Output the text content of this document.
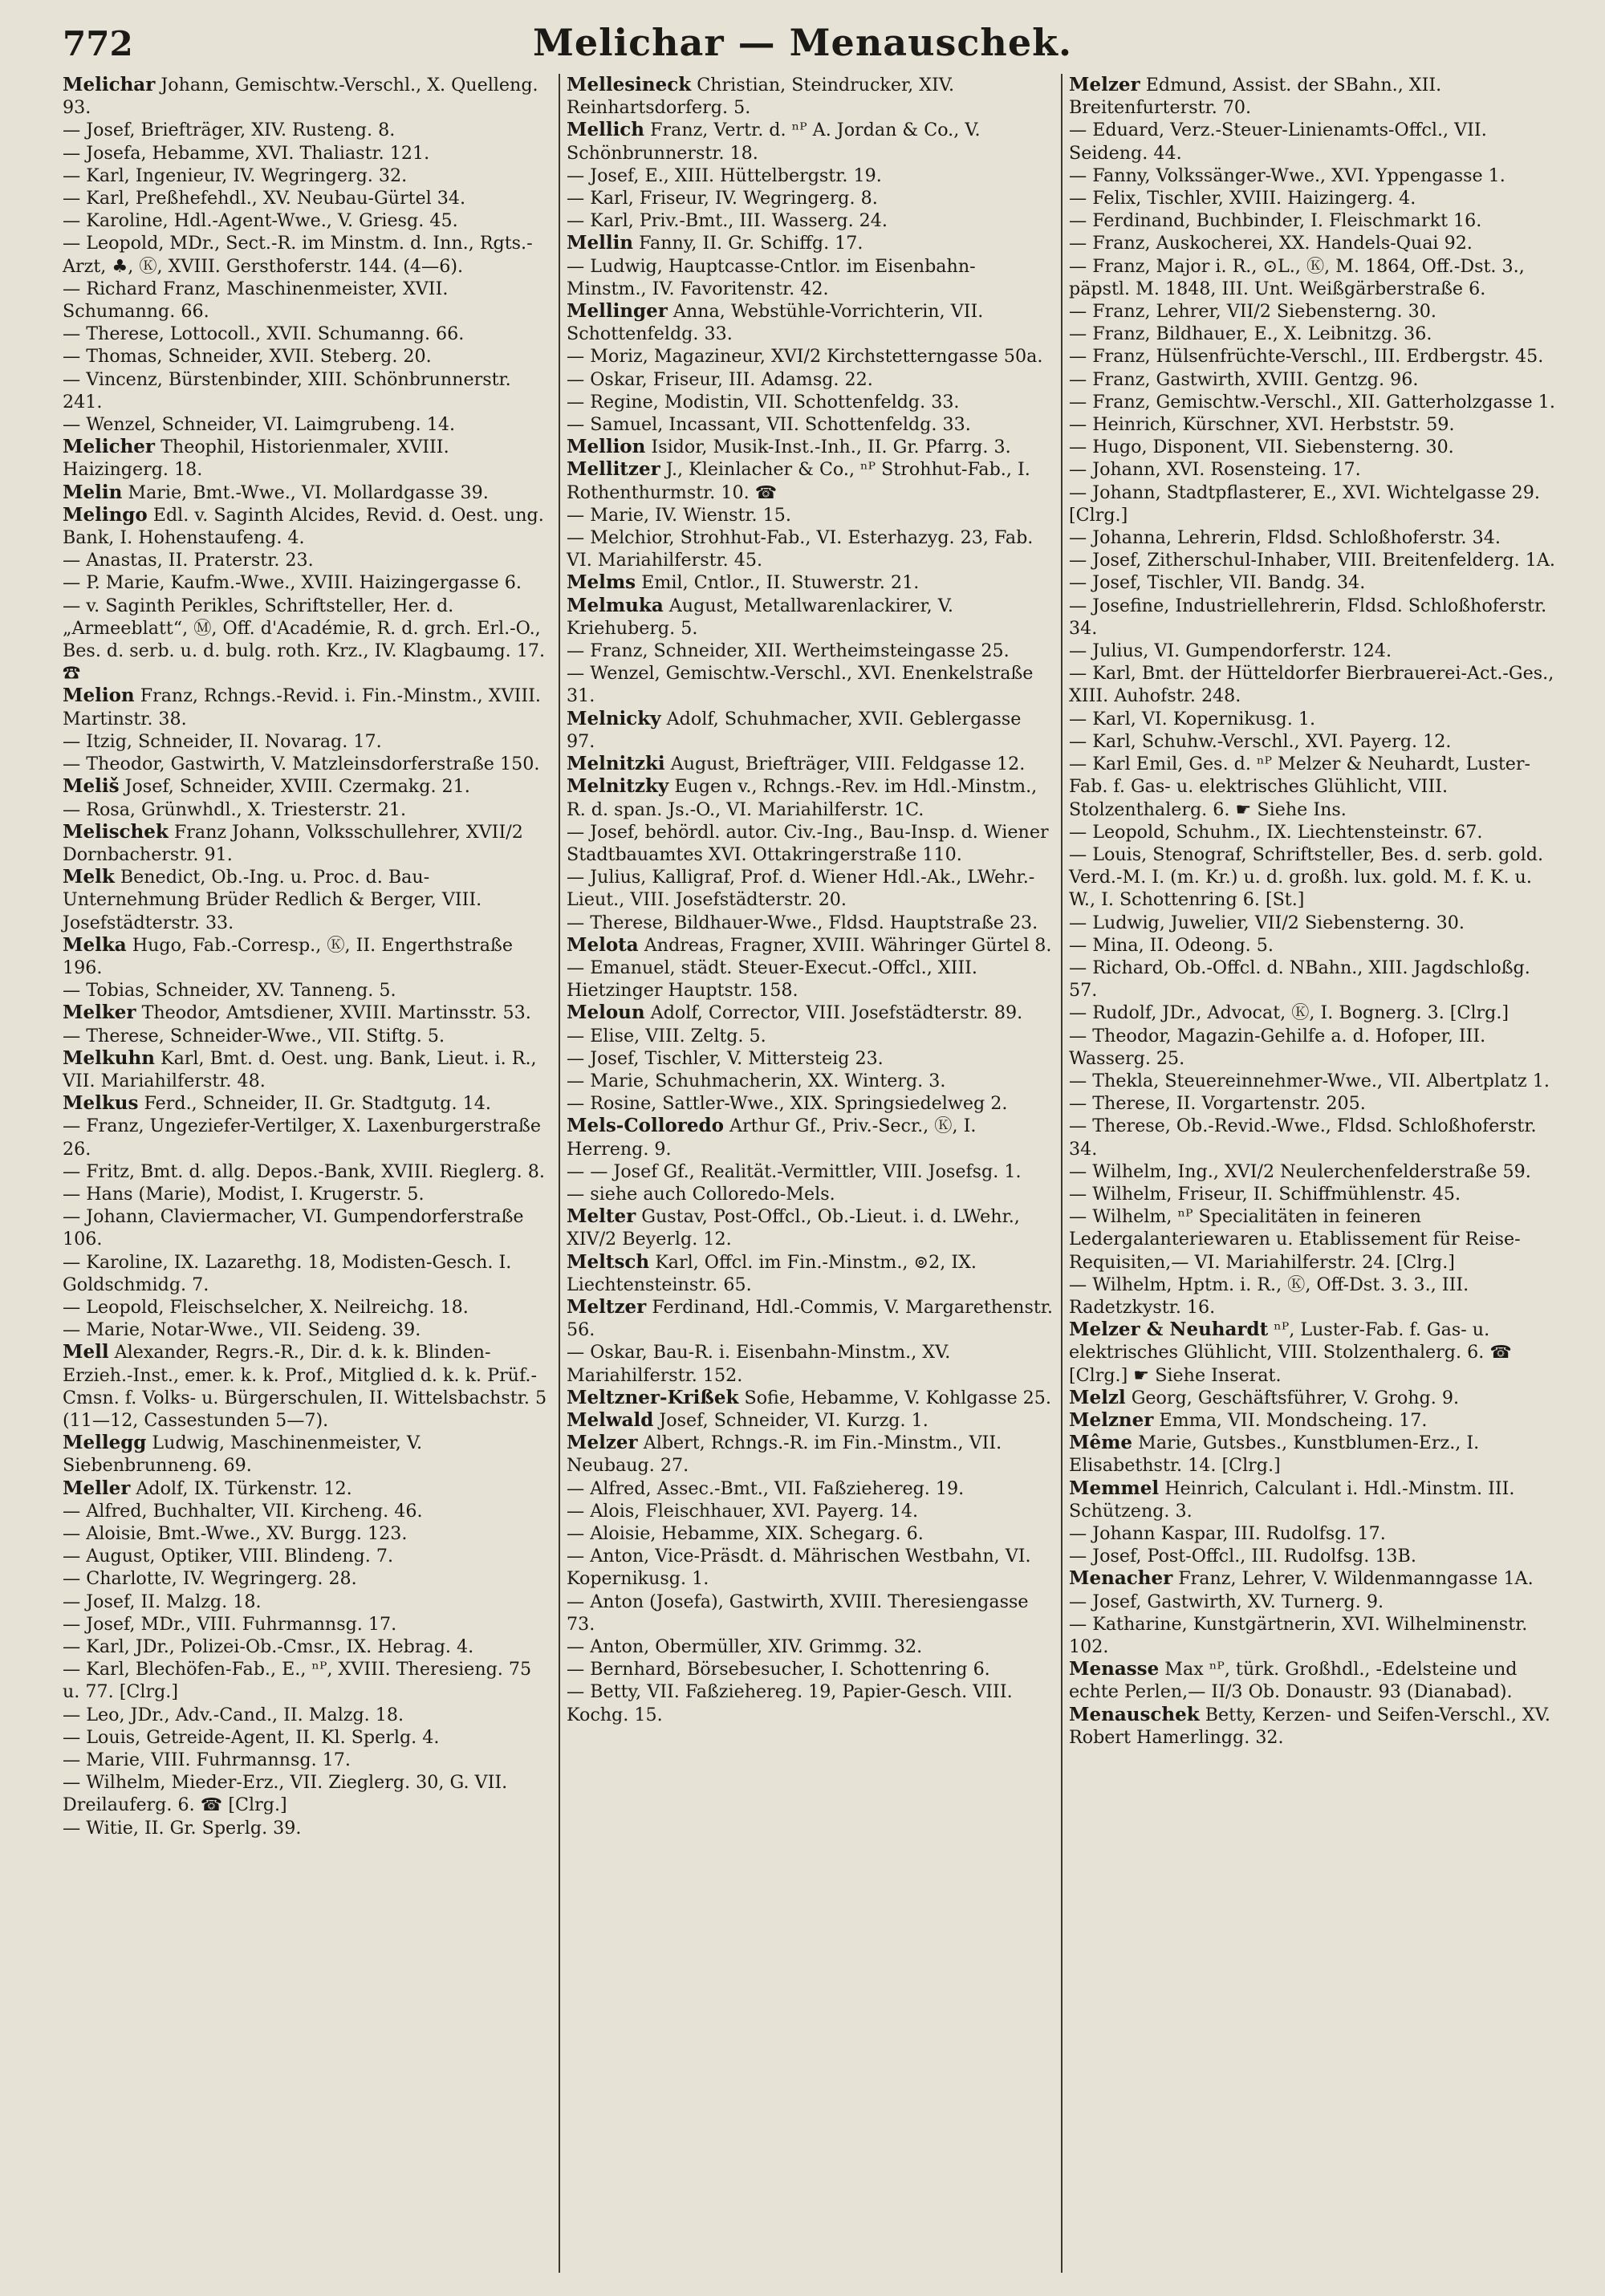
772	Melichar — Menauschek.
Melichar Johann, Gemischtw.-Verschl., X. Quelleng. 93.
— Josef, Briefträger, XIV. Rusteng. 8.
— Josefa, Hebamme, XVI. Thaliastr. 121.
— Karl, Ingenieur, IV. Wegringerg. 32.
— Karl, Preßhefehdl., XV. Neubau-Gürtel 34.
— Karoline, Hdl.-Agent-Wwe., V. Griesg. 45.
— Leopold, MDr., Sect.-R. im Minstm. d. Inn., Rgts.-Arzt, ♣, Ⓚ, XVIII. Gersthoferstr. 144. (4—6).
— Richard Franz, Maschinenmeister, XVII. Schumanng. 66.
— Therese, Lottocoll., XVII. Schumanng. 66.
— Thomas, Schneider, XVII. Steberg. 20.
— Vincenz, Bürstenbinder, XIII. Schönbrunnerstr. 241.
— Wenzel, Schneider, VI. Laimgrubeng. 14.
Melicher Theophil, Historienmaler, XVIII. Haizingerg. 18.
Melin Marie, Bmt.-Wwe., VI. Mollardgasse 39.
Melingo Edl. v. Saginth Alcides, Revid. d. Oest. ung. Bank, I. Hohenstaufeng. 4.
— Anastas, II. Praterstr. 23.
— P. Marie, Kaufm.-Wwe., XVIII. Haizingergasse 6.
— v. Saginth Perikles, Schriftsteller, Her. d. „Armeeblatt“, Ⓜ, Off. d'Académie, R. d. grch. Erl.-O., Bes. d. serb. u. d. bulg. roth. Krz., IV. Klagbaumg. 17. ☎
Melion Franz, Rchngs.-Revid. i. Fin.-Minstm., XVIII. Martinstr. 38.
— Itzig, Schneider, II. Novarag. 17.
— Theodor, Gastwirth, V. Matzleinsdorferstraße 150.
Meliš Josef, Schneider, XVIII. Czermakg. 21.
— Rosa, Grünwhdl., X. Triesterstr. 21.
Melischek Franz Johann, Volksschullehrer, XVII/2 Dornbacherstr. 91.
Melk Benedict, Ob.-Ing. u. Proc. d. Bau-Unternehmung Brüder Redlich & Berger, VIII. Josefstädterstr. 33.
Melka Hugo, Fab.-Corresp., Ⓚ, II. Engerthstraße 196.
— Tobias, Schneider, XV. Tanneng. 5.
Melker Theodor, Amtsdiener, XVIII. Martinsstr. 53.
— Therese, Schneider-Wwe., VII. Stiftg. 5.
Melkuhn Karl, Bmt. d. Oest. ung. Bank, Lieut. i. R., VII. Mariahilferstr. 48.
Melkus Ferd., Schneider, II. Gr. Stadtgutg. 14.
— Franz, Ungeziefer-Vertilger, X. Laxenburgerstraße 26.
— Fritz, Bmt. d. allg. Depos.-Bank, XVIII. Rieglerg. 8.
— Hans (Marie), Modist, I. Krugerstr. 5.
— Johann, Claviermacher, VI. Gumpendorferstraße 106.
— Karoline, IX. Lazarethg. 18, Modisten-Gesch. I. Goldschmidg. 7.
— Leopold, Fleischselcher, X. Neilreichg. 18.
— Marie, Notar-Wwe., VII. Seideng. 39.
Mell Alexander, Regrs.-R., Dir. d. k. k. Blinden-Erzieh.-Inst., emer. k. k. Prof., Mitglied d. k. k. Prüf.-Cmsn. f. Volks- u. Bürgerschulen, II. Wittelsbachstr. 5 (11—12, Cassestunden 5—7).
Mellegg Ludwig, Maschinenmeister, V. Siebenbrunneng. 69.
Meller Adolf, IX. Türkenstr. 12.
— Alfred, Buchhalter, VII. Kircheng. 46.
— Aloisie, Bmt.-Wwe., XV. Burgg. 123.
— August, Optiker, VIII. Blindeng. 7.
— Charlotte, IV. Wegringerg. 28.
— Josef, II. Malzg. 18.
— Josef, MDr., VIII. Fuhrmannsg. 17.
— Karl, JDr., Polizei-Ob.-Cmsr., IX. Hebrag. 4.
— Karl, Blechöfen-Fab., E., ⁿᴾ, XVIII. Theresieng. 75 u. 77. [Clrg.]
— Leo, JDr., Adv.-Cand., II. Malzg. 18.
— Louis, Getreide-Agent, II. Kl. Sperlg. 4.
— Marie, VIII. Fuhrmannsg. 17.
— Wilhelm, Mieder-Erz., VII. Zieglerg. 30, G. VII. Dreilauferg. 6. ☎ [Clrg.]
— Witie, II. Gr. Sperlg. 39.
Mellesineck Christian, Steindrucker, XIV. Reinhartsdorferg. 5.
Mellich Franz, Vertr. d. ⁿᴾ A. Jordan & Co., V. Schönbrunnerstr. 18.
— Josef, E., XIII. Hüttelbergstr. 19.
— Karl, Friseur, IV. Wegringerg. 8.
— Karl, Priv.-Bmt., III. Wasserg. 24.
Mellin Fanny, II. Gr. Schiffg. 17.
— Ludwig, Hauptcasse-Cntlor. im Eisenbahn-Minstm., IV. Favoritenstr. 42.
Mellinger Anna, Webstühle-Vorrichterin, VII. Schottenfeldg. 33.
— Moriz, Magazineur, XVI/2 Kirchstetterngasse 50a.
— Oskar, Friseur, III. Adamsg. 22.
— Regine, Modistin, VII. Schottenfeldg. 33.
— Samuel, Incassant, VII. Schottenfeldg. 33.
Mellion Isidor, Musik-Inst.-Inh., II. Gr. Pfarrg. 3.
Mellitzer J., Kleinlacher & Co., ⁿᴾ Strohhut-Fab., I. Rothenthurmstr. 10. ☎
— Marie, IV. Wienstr. 15.
— Melchior, Strohhut-Fab., VI. Esterhazyg. 23, Fab. VI. Mariahilferstr. 45.
Melms Emil, Cntlor., II. Stuwerstr. 21.
Melmuka August, Metallwarenlackirer, V. Kriehuberg. 5.
— Franz, Schneider, XII. Wertheimsteingasse 25.
— Wenzel, Gemischtw.-Verschl., XVI. Enenkelstraße 31.
Melnicky Adolf, Schuhmacher, XVII. Geblergasse 97.
Melnitzki August, Briefträger, VIII. Feldgasse 12.
Melnitzky Eugen v., Rchngs.-Rev. im Hdl.-Minstm., R. d. span. Js.-O., VI. Mariahilferstr. 1C.
— Josef, behördl. autor. Civ.-Ing., Bau-Insp. d. Wiener Stadtbauamtes XVI. Ottakringerstraße 110.
— Julius, Kalligraf, Prof. d. Wiener Hdl.-Ak., LWehr.-Lieut., VIII. Josefstädterstr. 20.
— Therese, Bildhauer-Wwe., Fldsd. Hauptstraße 23.
Melota Andreas, Fragner, XVIII. Währinger Gürtel 8.
— Emanuel, städt. Steuer-Execut.-Offcl., XIII. Hietzinger Hauptstr. 158.
Meloun Adolf, Corrector, VIII. Josefstädterstr. 89.
— Elise, VIII. Zeltg. 5.
— Josef, Tischler, V. Mittersteig 23.
— Marie, Schuhmacherin, XX. Winterg. 3.
— Rosine, Sattler-Wwe., XIX. Springsiedelweg 2.
Mels-Colloredo Arthur Gf., Priv.-Secr., Ⓚ, I. Herreng. 9.
— — Josef Gf., Realität.-Vermittler, VIII. Josefsg. 1.
— siehe auch Colloredo-Mels.
Melter Gustav, Post-Offcl., Ob.-Lieut. i. d. LWehr., XIV/2 Beyerlg. 12.
Meltsch Karl, Offcl. im Fin.-Minstm., ⊚2, IX. Liechtensteinstr. 65.
Meltzer Ferdinand, Hdl.-Commis, V. Margarethenstr. 56.
— Oskar, Bau-R. i. Eisenbahn-Minstm., XV. Mariahilferstr. 152.
Meltzner-Krißek Sofie, Hebamme, V. Kohlgasse 25.
Melwald Josef, Schneider, VI. Kurzg. 1.
Melzer Albert, Rchngs.-R. im Fin.-Minstm., VII. Neubaug. 27.
— Alfred, Assec.-Bmt., VII. Faßziehereg. 19.
— Alois, Fleischhauer, XVI. Payerg. 14.
— Aloisie, Hebamme, XIX. Schegarg. 6.
— Anton, Vice-Präsdt. d. Mährischen Westbahn, VI. Kopernikusg. 1.
— Anton (Josefa), Gastwirth, XVIII. Theresiengasse 73.
— Anton, Obermüller, XIV. Grimmg. 32.
— Bernhard, Börsebesucher, I. Schottenring 6.
— Betty, VII. Faßziehereg. 19, Papier-Gesch. VIII. Kochg. 15.
Melzer Edmund, Assist. der SBahn., XII. Breitenfurterstr. 70.
— Eduard, Verz.-Steuer-Linienamts-Offcl., VII. Seideng. 44.
— Fanny, Volkssänger-Wwe., XVI. Yppengasse 1.
— Felix, Tischler, XVIII. Haizingerg. 4.
— Ferdinand, Buchbinder, I. Fleischmarkt 16.
— Franz, Auskocherei, XX. Handels-Quai 92.
— Franz, Major i. R., ⊙L., Ⓚ, M. 1864, Off.-Dst. 3., päpstl. M. 1848, III. Unt. Weißgärberstraße 6.
— Franz, Lehrer, VII/2 Siebensterng. 30.
— Franz, Bildhauer, E., X. Leibnitzg. 36.
— Franz, Hülsenfrüchte-Verschl., III. Erdbergstr. 45.
— Franz, Gastwirth, XVIII. Gentzg. 96.
— Franz, Gemischtw.-Verschl., XII. Gatterholzgasse 1.
— Heinrich, Kürschner, XVI. Herbststr. 59.
— Hugo, Disponent, VII. Siebensterng. 30.
— Johann, XVI. Rosensteing. 17.
— Johann, Stadtpflasterer, E., XVI. Wichtelgasse 29. [Clrg.]
— Johanna, Lehrerin, Fldsd. Schloßhoferstr. 34.
— Josef, Zitherschul-Inhaber, VIII. Breitenfelderg. 1A.
— Josef, Tischler, VII. Bandg. 34.
— Josefine, Industriellehrerin, Fldsd. Schloßhoferstr. 34.
— Julius, VI. Gumpendorferstr. 124.
— Karl, Bmt. der Hütteldorfer Bierbrauerei-Act.-Ges., XIII. Auhofstr. 248.
— Karl, VI. Kopernikusg. 1.
— Karl, Schuhw.-Verschl., XVI. Payerg. 12.
— Karl Emil, Ges. d. ⁿᴾ Melzer & Neuhardt, Luster-Fab. f. Gas- u. elektrisches Glühlicht, VIII. Stolzenthalerg. 6. ☛ Siehe Ins.
— Leopold, Schuhm., IX. Liechtensteinstr. 67.
— Louis, Stenograf, Schriftsteller, Bes. d. serb. gold. Verd.-M. I. (m. Kr.) u. d. großh. lux. gold. M. f. K. u. W., I. Schottenring 6. [St.]
— Ludwig, Juwelier, VII/2 Siebensterng. 30.
— Mina, II. Odeong. 5.
— Richard, Ob.-Offcl. d. NBahn., XIII. Jagdschloßg. 57.
— Rudolf, JDr., Advocat, Ⓚ, I. Bognerg. 3. [Clrg.]
— Theodor, Magazin-Gehilfe a. d. Hofoper, III. Wasserg. 25.
— Thekla, Steuereinnehmer-Wwe., VII. Albertplatz 1.
— Therese, II. Vorgartenstr. 205.
— Therese, Ob.-Revid.-Wwe., Fldsd. Schloßhoferstr. 34.
— Wilhelm, Ing., XVI/2 Neulerchenfelderstraße 59.
— Wilhelm, Friseur, II. Schiffmühlenstr. 45.
— Wilhelm, ⁿᴾ Specialitäten in feineren Ledergalanteriewaren u. Etablissement für Reise-Requisiten,— VI. Mariahilferstr. 24. [Clrg.]
— Wilhelm, Hptm. i. R., Ⓚ, Off-Dst. 3. 3., III. Radetzkystr. 16.
Melzer & Neuhardt ⁿᴾ, Luster-Fab. f. Gas- u. elektrisches Glühlicht, VIII. Stolzenthalerg. 6. ☎ [Clrg.] ☛ Siehe Inserat.
Melzl Georg, Geschäftsführer, V. Grohg. 9.
Melzner Emma, VII. Mondscheing. 17.
Même Marie, Gutsbes., Kunstblumen-Erz., I. Elisabethstr. 14. [Clrg.]
Memmel Heinrich, Calculant i. Hdl.-Minstm. III. Schützeng. 3.
— Johann Kaspar, III. Rudolfsg. 17.
— Josef, Post-Offcl., III. Rudolfsg. 13B.
Menacher Franz, Lehrer, V. Wildenmanngasse 1A.
— Josef, Gastwirth, XV. Turnerg. 9.
— Katharine, Kunstgärtnerin, XVI. Wilhelminenstr. 102.
Menasse Max ⁿᴾ, türk. Großhdl., -Edelsteine und echte Perlen,— II/3 Ob. Donaustr. 93 (Dianabad).
Menauschek Betty, Kerzen- und Seifen-Verschl., XV. Robert Hamerlingg. 32.
